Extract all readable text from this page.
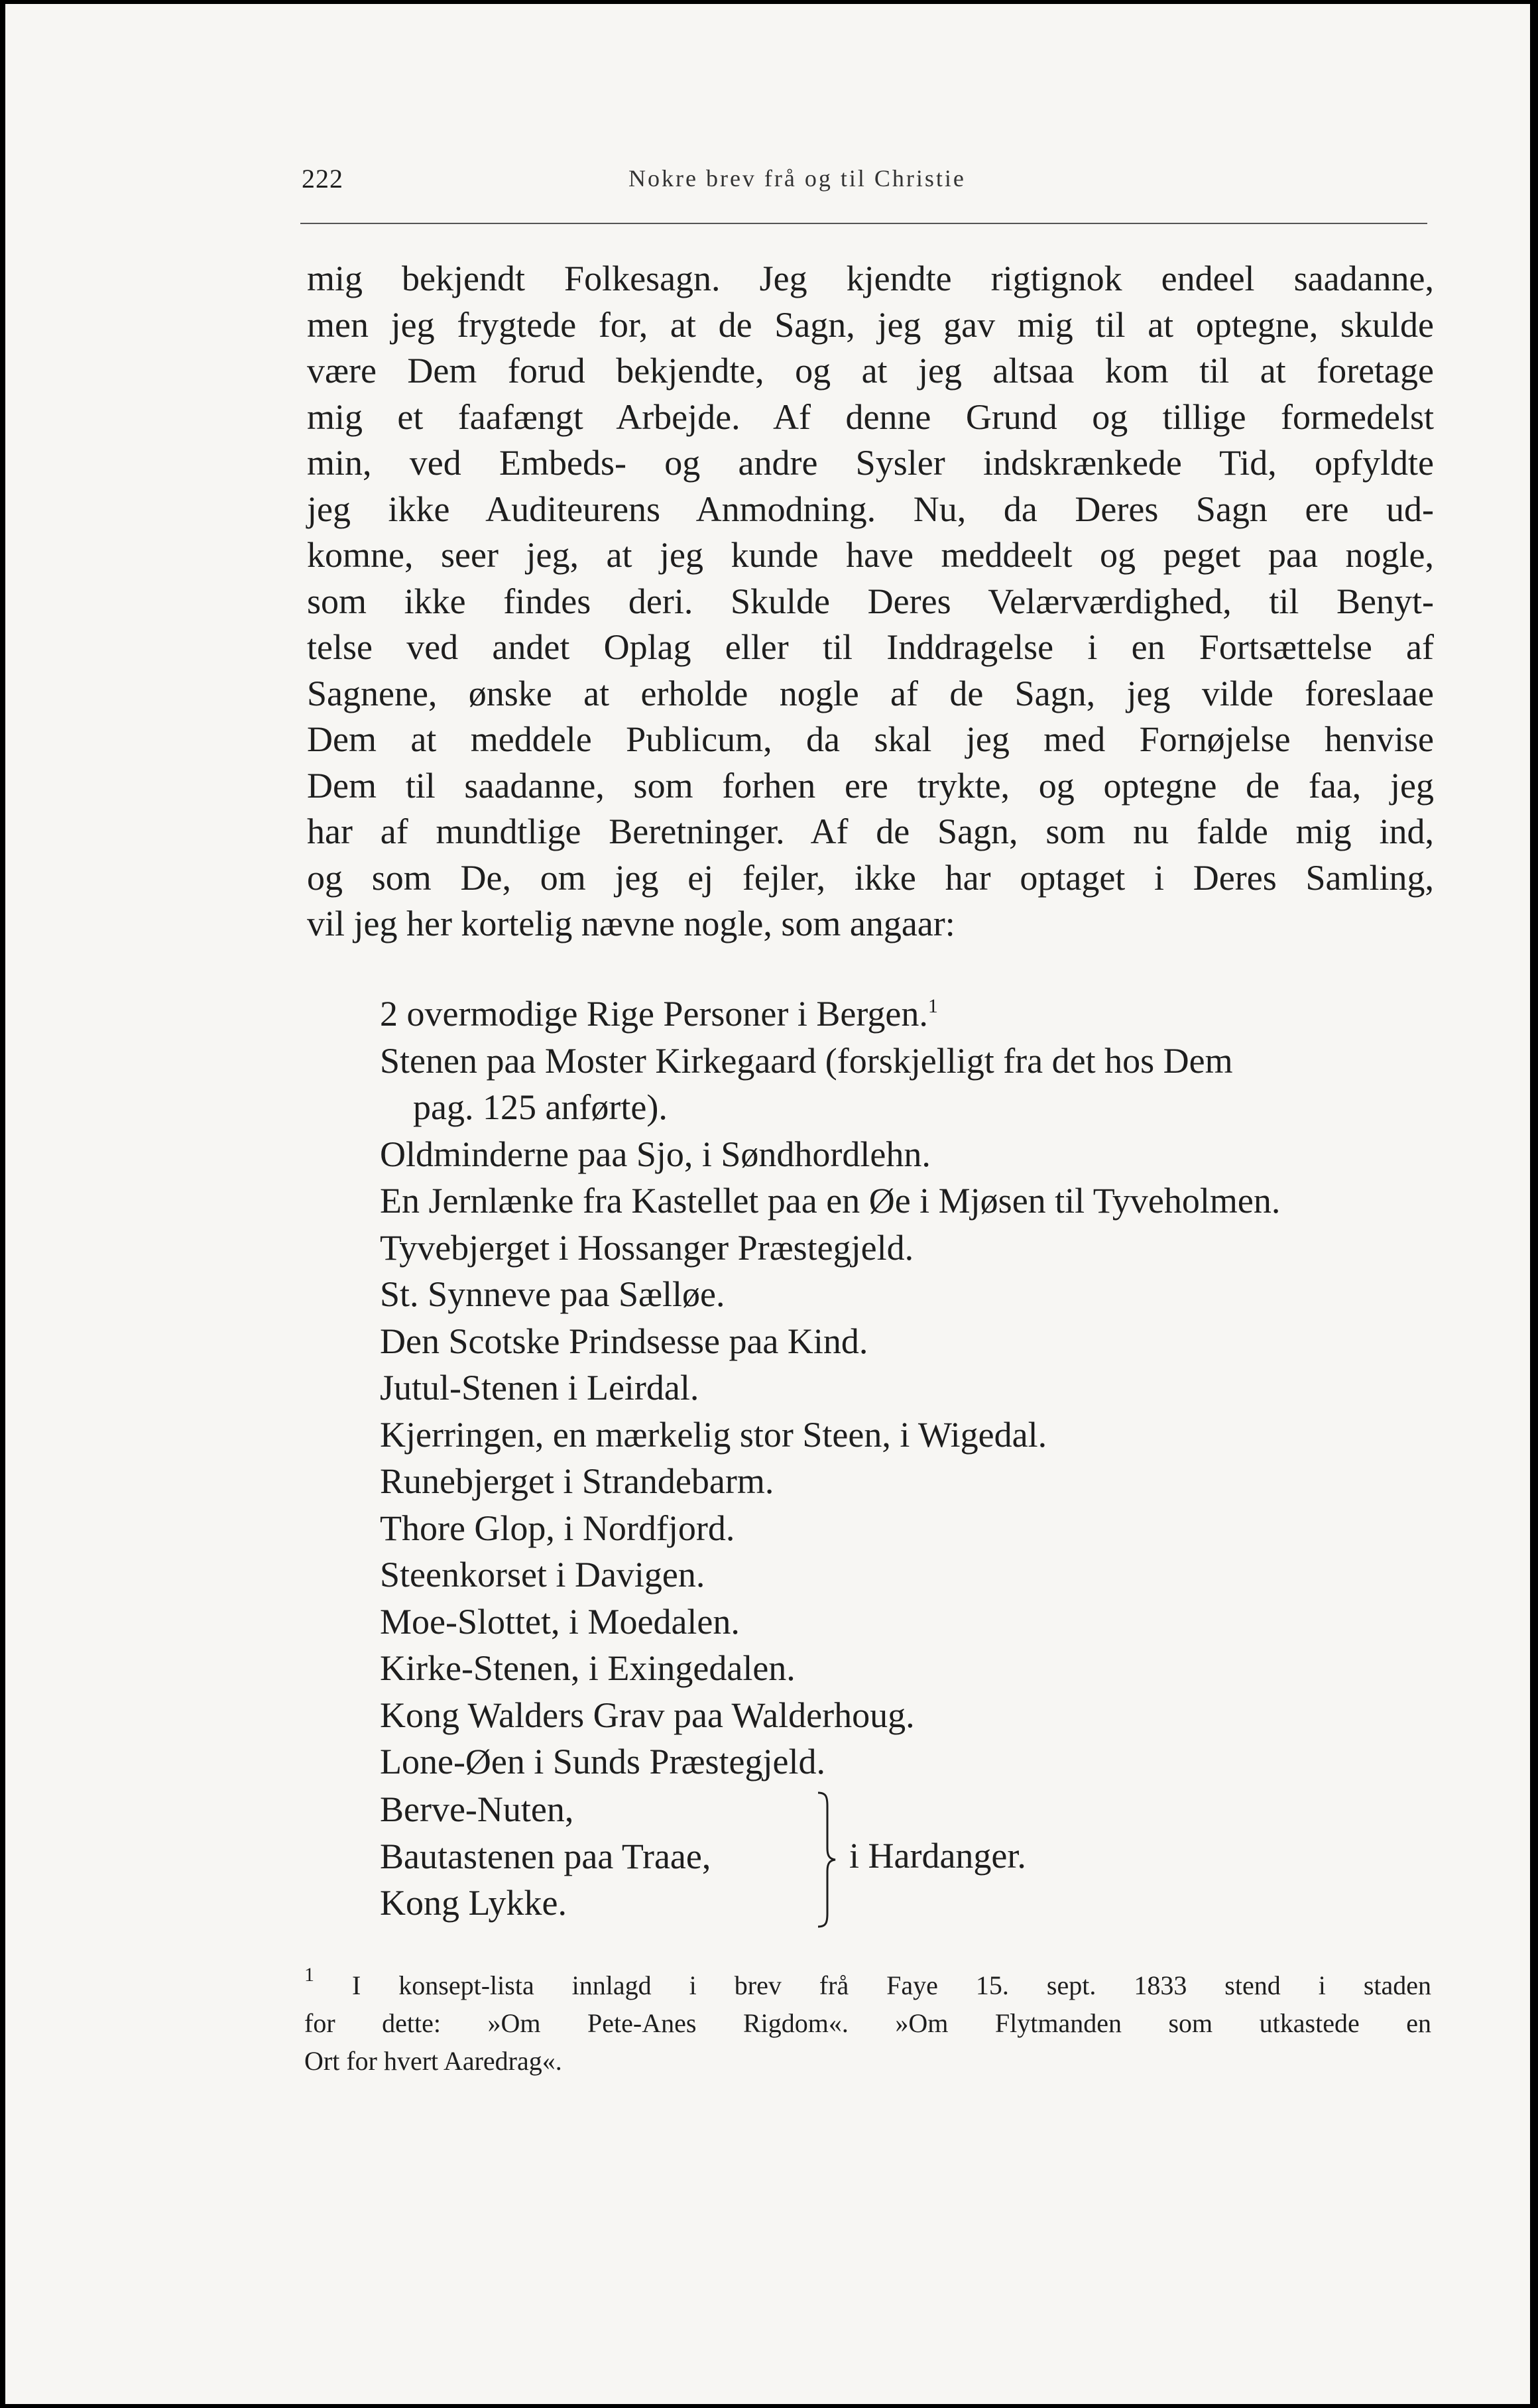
222	Nokre brev frå og til Christie
mig bekjendt Folkesagn. Jeg kjendte rigtignok endeel saadanne,
men jeg frygtede for, at de Sagn, jeg gav mig til at optegne, skulde
være Dem forud bekjendte, og at jeg altsaa kom til at foretage
mig et faafængt Arbejde. Af denne Grund og tillige formedelst
min, ved Embeds- og andre Sysler indskrænkede Tid, opfyldte
jeg ikke Auditeurens Anmodning. Nu, da Deres Sagn ere ud-
komne, seer jeg, at jeg kunde have meddeelt og peget paa nogle,
som ikke findes deri. Skulde Deres Velærværdighed, til Benyt-
telse ved andet Oplag eller til Inddragelse i en Fortsættelse af
Sagnene, ønske at erholde nogle af de Sagn, jeg vilde foreslaae
Dem at meddele Publicum, da skal jeg med Fornøjelse henvise
Dem til saadanne, som forhen ere trykte, og optegne de faa, jeg
har af mundtlige Beretninger. Af de Sagn, som nu falde mig ind,
og som De, om jeg ej fejler, ikke har optaget i Deres Samling,
vil jeg her kortelig nævne nogle, som angaar:
2 overmodige Rige Personer i Bergen.$^1$
Stenen paa Moster Kirkegaard (forskjelligt fra det hos Dem
pag. 125 anførte).
Oldminderne paa Sjo, i Søndhordlehn.
En Jernlænke fra Kastellet paa en Øe i Mjøsen til Tyveholmen.
Tyvebjerget i Hossanger Præstegjeld.
St. Synneve paa Sælløe.
Den Scotske Prindsesse paa Kind.
Jutul-Stenen i Leirdal.
Kjerringen, en mærkelig stor Steen, i Wigedal.
Runebjerget i Strandebarm.
Thore Glop, i Nordfjord.
Steenkorset i Davigen.
Moe-Slottet, i Moedalen.
Kirke-Stenen, i Exingedalen.
Kong Walders Grav paa Walderhoug.
Lone-Øen i Sunds Præstegjeld.
Berve-Nuten,
Bautastenen paa Traae,
Kong Lykke.
i Hardanger.
$^1$ I konsept-lista innlagd i brev frå Faye 15. sept. 1833 stend i staden
for dette: »Om Pete-Anes Rigdom«. »Om Flytmanden som utkastede en
Ort for hvert Aaredrag«.
